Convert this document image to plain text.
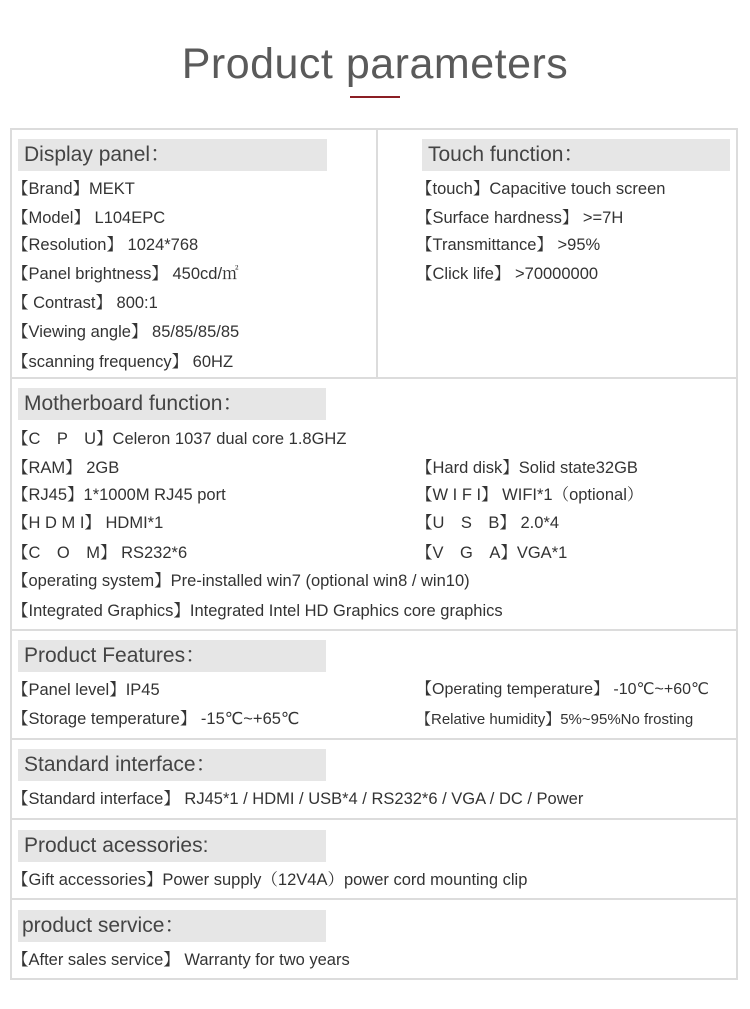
Product parameters
Display panel：
【Brand】MEKT
【Model】 L104EPC
【Resolution】 1024*768
【Panel brightness】 450cd/㎡
【 Contrast】 800:1
【Viewing angle】 85/85/85/85
【scanning frequency】 60HZ
Touch function：
【touch】Capacitive touch screen
【Surface hardness】 >=7H
【Transmittance】 >95%
【Click life】 >70000000
Motherboard function：
【C　P　U】Celeron 1037 dual core 1.8GHZ
【RAM】 2GB
【RJ45】1*1000M RJ45 port
【H D M I】 HDMI*1
【C　O　M】 RS232*6
【Hard disk】Solid state32GB
【W I F I】 WIFI*1（optional）
【U　S　B】 2.0*4
【V　G　A】VGA*1
【operating system】Pre-installed win7 (optional win8 / win10)
【Integrated Graphics】Integrated Intel HD Graphics core graphics
Product Features：
【Panel level】IP45
【Storage temperature】 -15℃~+65℃
【Operating temperature】 -10℃~+60℃
【Relative humidity】5%~95%No frosting
Standard interface：
【Standard interface】 RJ45*1 / HDMI / USB*4 / RS232*6 / VGA / DC / Power
Product acessories:
【Gift accessories】Power supply（12V4A）power cord mounting clip
product service：
【After sales service】 Warranty for two years
